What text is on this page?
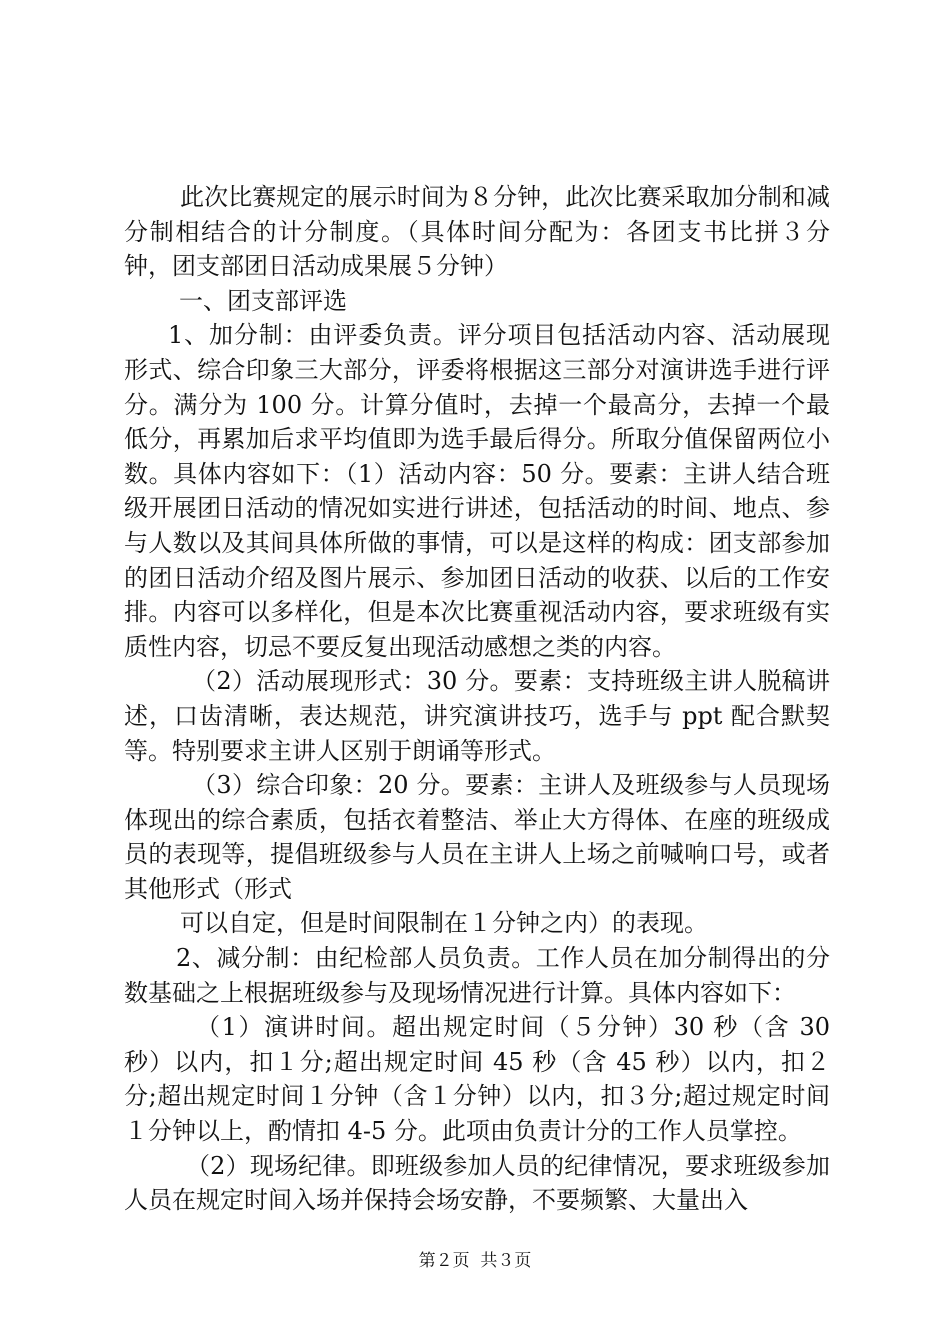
此次比赛规定的展示时间为８分钟，此次比赛采取加分制和减分制相结合的计分制度。（具体时间分配为：各团支书比拼３分钟，团支部团日活动成果展５分钟）

一、团支部评选

1、加分制：由评委负责。评分项目包括活动内容、活动展现形式、综合印象三大部分，评委将根据这三部分对演讲选手进行评分。满分为 100 分。计算分值时，去掉一个最高分，去掉一个最低分，再累加后求平均值即为选手最后得分。所取分值保留两位小数。具体内容如下：（1）活动内容：50 分。要素：主讲人结合班级开展团日活动的情况如实进行讲述，包括活动的时间、地点、参与人数以及其间具体所做的事情，可以是这样的构成：团支部参加的团日活动介绍及图片展示、参加团日活动的收获、以后的工作安排。内容可以多样化，但是本次比赛重视活动内容，要求班级有实质性内容，切忌不要反复出现活动感想之类的内容。

（2）活动展现形式：30 分。要素：支持班级主讲人脱稿讲述，口齿清晰，表达规范，讲究演讲技巧，选手与 ppt 配合默契等。特别要求主讲人区别于朗诵等形式。

（3）综合印象：20 分。要素：主讲人及班级参与人员现场体现出的综合素质，包括衣着整洁、举止大方得体、在座的班级成员的表现等，提倡班级参与人员在主讲人上场之前喊响口号，或者其他形式（形式

可以自定，但是时间限制在１分钟之内）的表现。

2、减分制：由纪检部人员负责。工作人员在加分制得出的分数基础之上根据班级参与及现场情况进行计算。具体内容如下：

（1）演讲时间。超出规定时间（５分钟）30 秒（含 30 秒）以内，扣１分;超出规定时间 45 秒（含 45 秒）以内，扣２分;超出规定时间１分钟（含１分钟）以内，扣３分;超过规定时间１分钟以上，酌情扣 4-5 分。此项由负责计分的工作人员掌控。

（2）现场纪律。即班级参加人员的纪律情况，要求班级参加人员在规定时间入场并保持会场安静，不要频繁、大量出入

第２页  共３页
